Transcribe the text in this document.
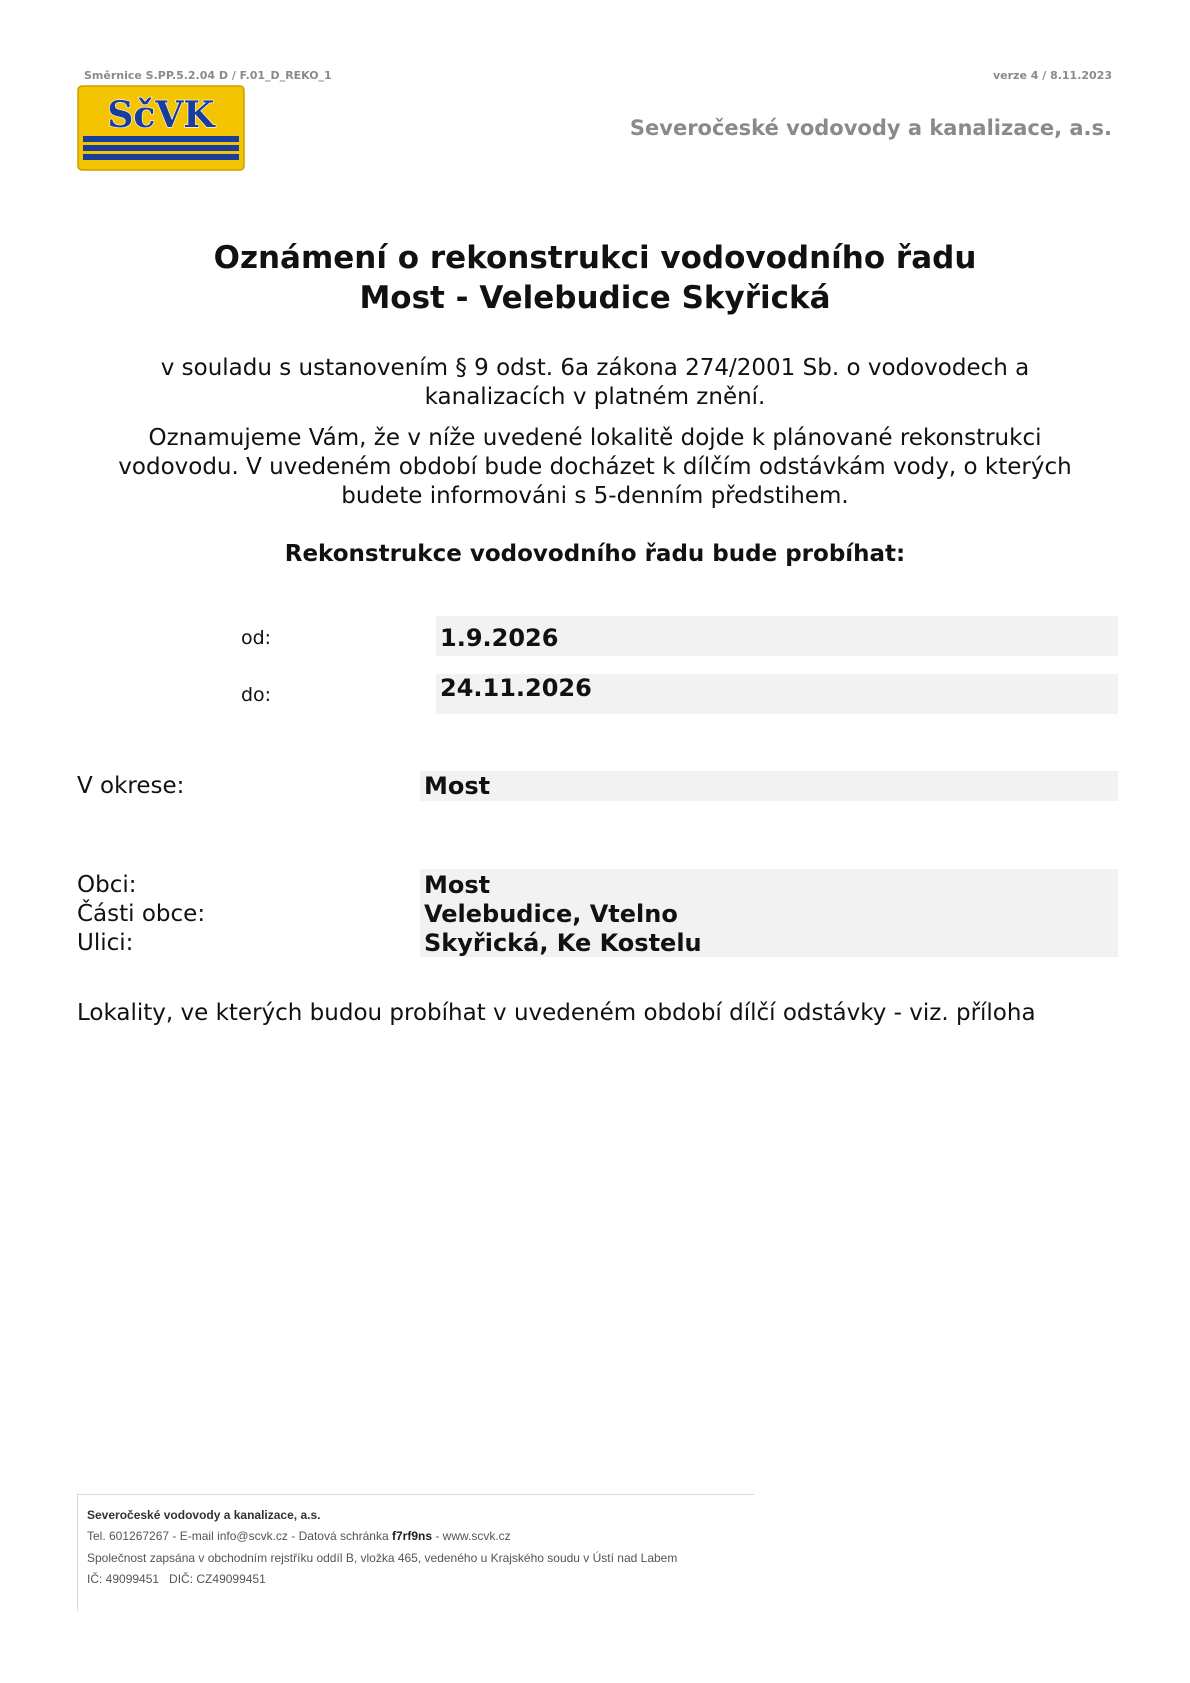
Směrnice S.PP.5.2.04 D / F.01_D_REKO_1	verze 4 / 8.11.2023
SčVK	Severočeské vodovody a kanalizace, a.s.
Oznámení o rekonstrukci vodovodního řadu
Most - Velebudice Skyřická
v souladu s ustanovením § 9 odst. 6a zákona 274/2001 Sb. o vodovodech a
kanalizacích v platném znění.
Oznamujeme Vám, že v níže uvedené lokalitě dojde k plánované rekonstrukci
vodovodu. V uvedeném období bude docházet k dílčím odstávkám vody, o kterých
budete informováni s 5-denním předstihem.
Rekonstrukce vodovodního řadu bude probíhat:
od:	1.9.2026
do:	24.11.2026
V okrese:	Most
Obci:	Most
Části obce:	Velebudice, Vtelno
Ulici:	Skyřická, Ke Kostelu
Lokality, ve kterých budou probíhat v uvedeném období dílčí odstávky - viz. příloha
Severočeské vodovody a kanalizace, a.s.
Tel. 601267267 - E-mail info@scvk.cz - Datová schránka f7rf9ns - www.scvk.cz
Společnost zapsána v obchodním rejstříku oddíl B, vložka 465, vedeného u Krajského soudu v Ústí nad Labem
IČ: 49099451   DIČ: CZ49099451
